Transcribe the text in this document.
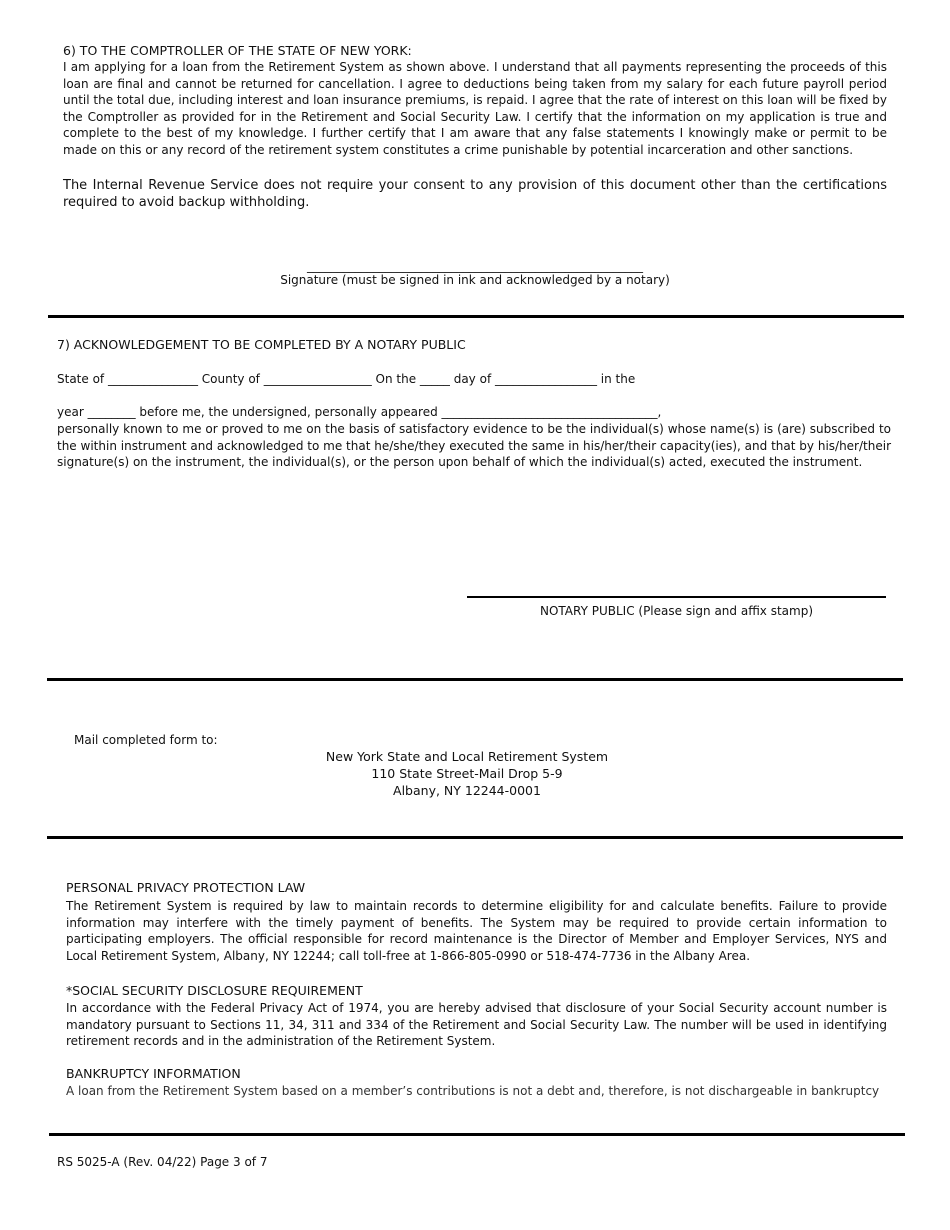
6) TO THE COMPTROLLER OF THE STATE OF NEW YORK:
I am applying for a loan from the Retirement System as shown above. I understand that all payments representing the proceeds of this loan are final and cannot be returned for cancellation. I agree to deductions being taken from my salary for each future payroll period until the total due, including interest and loan insurance premiums, is repaid. I agree that the rate of interest on this loan will be fixed by the Comptroller as provided for in the Retirement and Social Security Law. I certify that the information on my application is true and complete to the best of my knowledge. I further certify that I am aware that any false statements I knowingly make or permit to be made on this or any record of the retirement system constitutes a crime punishable by potential incarceration and other sanctions.
The Internal Revenue Service does not require your consent to any provision of this document other than the certifications required to avoid backup withholding.
________________________________________________________
Signature (must be signed in ink and acknowledged by a notary)
7) ACKNOWLEDGEMENT TO BE COMPLETED BY A NOTARY PUBLIC
State of _______________ County of __________________ On the _____ day of _________________ in the
year ________ before me, the undersigned, personally appeared ____________________________________,
personally known to me or proved to me on the basis of satisfactory evidence to be the individual(s) whose name(s) is (are) subscribed to the within instrument and acknowledged to me that he/she/they executed the same in his/her/their capacity(ies), and that by his/her/their signature(s) on the instrument, the individual(s), or the person upon behalf of which the individual(s) acted, executed the instrument.
NOTARY PUBLIC (Please sign and affix stamp)
Mail completed form to:
New York State and Local Retirement System
110 State Street-Mail Drop 5-9
Albany, NY 12244-0001
PERSONAL PRIVACY PROTECTION LAW
The Retirement System is required by law to maintain records to determine eligibility for and calculate benefits. Failure to provide information may interfere with the timely payment of benefits. The System may be required to provide certain information to participating employers. The official responsible for record maintenance is the Director of Member and Employer Services, NYS and Local Retirement System, Albany, NY 12244; call toll-free at 1-866-805-0990 or 518-474-7736 in the Albany Area.
*SOCIAL SECURITY DISCLOSURE REQUIREMENT
In accordance with the Federal Privacy Act of 1974, you are hereby advised that disclosure of your Social Security account number is mandatory pursuant to Sections 11, 34, 311 and 334 of the Retirement and Social Security Law. The number will be used in identifying retirement records and in the administration of the Retirement System.
BANKRUPTCY INFORMATION
A loan from the Retirement System based on a member’s contributions is not a debt and, therefore, is not dischargeable in bankruptcy
RS 5025-A (Rev. 04/22) Page 3 of 7
